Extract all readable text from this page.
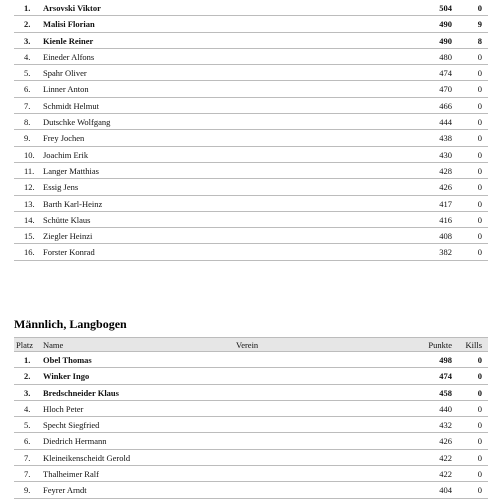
1. Arsovski Viktor	504	0
2. Malisi Florian	490	9
3. Kienle Reiner	490	8
4. Eineder Alfons	480	0
5. Spahr Oliver	474	0
6. Linner Anton	470	0
7. Schmidt Helmut	466	0
8. Dutschke Wolfgang	444	0
9. Frey Jochen	438	0
10. Joachim Erik	430	0
11. Langer Matthias	428	0
12. Essig Jens	426	0
13. Barth Karl-Heinz	417	0
14. Schütte Klaus	416	0
15. Ziegler Heinzi	408	0
16. Forster Konrad	382	0
Männlich, Langbogen
Platz Name	Verein	Punkte Kills
1. Obel Thomas	498	0
2. Winker Ingo	474	0
3. Bredschneider Klaus	458	0
4. Hloch Peter	440	0
5. Specht Siegfried	432	0
6. Diedrich Hermann	426	0
7. Kleineikenscheidt Gerold	422	0
7. Thalheimer Ralf	422	0
9. Feyrer Arndt	404	0
